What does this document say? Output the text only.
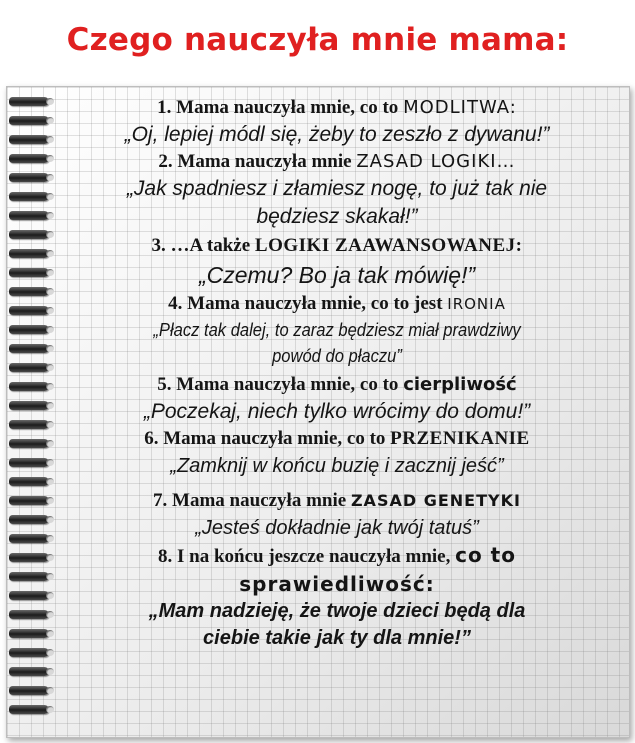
Czego nauczyła mnie mama:
1. Mama nauczyła mnie, co to MODLITWA:
„Oj, lepiej módl się, żeby to zeszło z dywanu!”
2. Mama nauczyła mnie ZASAD LOGIKI…
„Jak spadniesz i złamiesz nogę, to już tak nie
będziesz skakał!”
3. …A także LOGIKI ZAAWANSOWANEJ:
„Czemu? Bo ja tak mówię!”
4. Mama nauczyła mnie, co to jest IRONIA
„Płacz tak dalej, to zaraz będziesz miał prawdziwy
powód do płaczu”
5. Mama nauczyła mnie, co to cierpliwość
„Poczekaj, niech tylko wrócimy do domu!”
6. Mama nauczyła mnie, co to PRZENIKANIE
„Zamknij w końcu buzię i zacznij jeść”
7. Mama nauczyła mnie ZASAD GENETYKI
„Jesteś dokładnie jak twój tatuś”
8. I na końcu jeszcze nauczyła mnie, co to
sprawiedliwość:
„Mam nadzieję, że twoje dzieci będą dla
ciebie takie jak ty dla mnie!”
